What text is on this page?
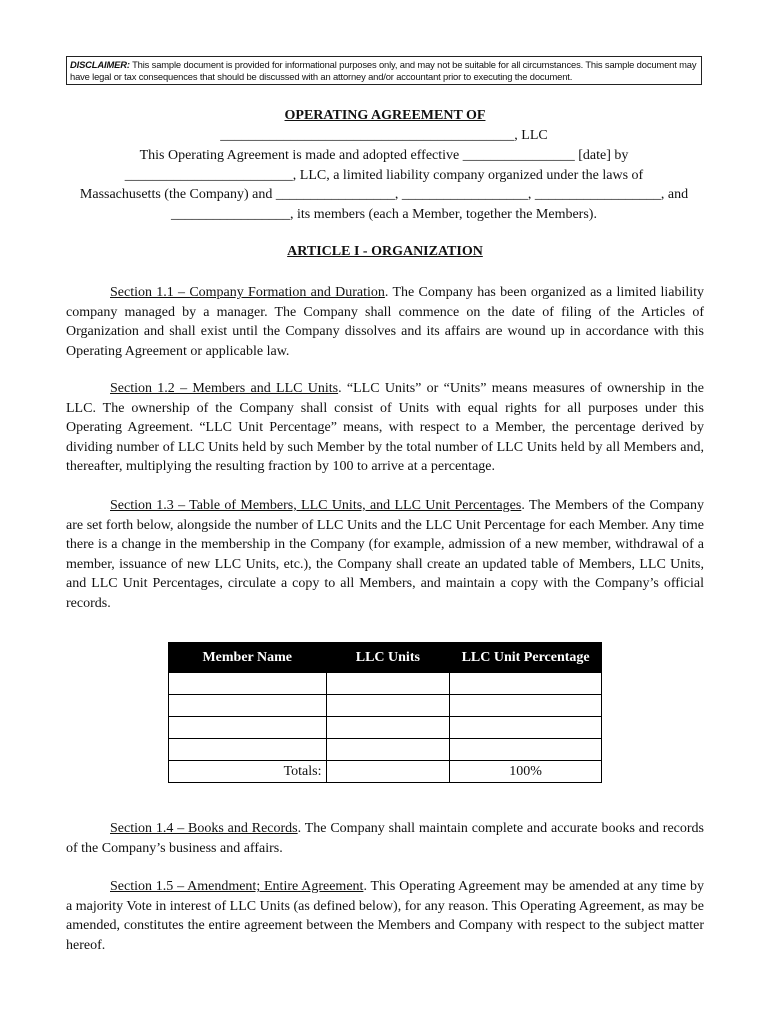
DISCLAIMER: This sample document is provided for informational purposes only, and may not be suitable for all circumstances. This sample document may have legal or tax consequences that should be discussed with an attorney and/or accountant prior to executing the document.
OPERATING AGREEMENT OF
__________________________________________, LLC
This Operating Agreement is made and adopted effective ________________ [date] by
________________________, LLC, a limited liability company organized under the laws of
Massachusetts (the Company) and _________________, __________________, __________________, and
_________________, its members (each a Member, together the Members).
ARTICLE I - ORGANIZATION
Section 1.1 – Company Formation and Duration. The Company has been organized as a limited liability company managed by a manager. The Company shall commence on the date of filing of the Articles of Organization and shall exist until the Company dissolves and its affairs are wound up in accordance with this Operating Agreement or applicable law.
Section 1.2 – Members and LLC Units. “LLC Units” or “Units” means measures of ownership in the LLC. The ownership of the Company shall consist of Units with equal rights for all purposes under this Operating Agreement. “LLC Unit Percentage” means, with respect to a Member, the percentage derived by dividing number of LLC Units held by such Member by the total number of LLC Units held by all Members and, thereafter, multiplying the resulting fraction by 100 to arrive at a percentage.
Section 1.3 – Table of Members, LLC Units, and LLC Unit Percentages. The Members of the Company are set forth below, alongside the number of LLC Units and the LLC Unit Percentage for each Member. Any time there is a change in the membership in the Company (for example, admission of a new member, withdrawal of a member, issuance of new LLC Units, etc.), the Company shall create an updated table of Members, LLC Units, and LLC Unit Percentages, circulate a copy to all Members, and maintain a copy with the Company’s official records.
Member Name	LLC Units	LLC Unit Percentage

Totals:		100%
Section 1.4 – Books and Records. The Company shall maintain complete and accurate books and records of the Company’s business and affairs.
Section 1.5 – Amendment; Entire Agreement. This Operating Agreement may be amended at any time by a majority Vote in interest of LLC Units (as defined below), for any reason. This Operating Agreement, as may be amended, constitutes the entire agreement between the Members and Company with respect to the subject matter hereof.
